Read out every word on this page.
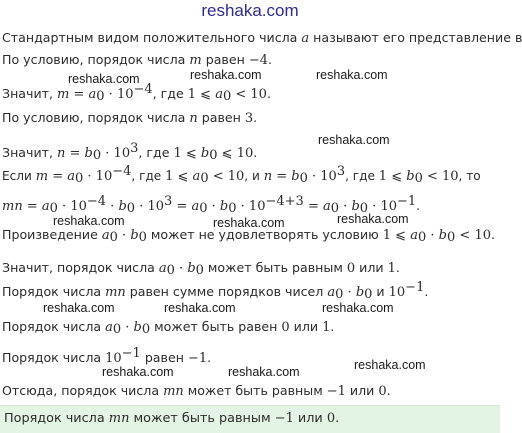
reshaka.com
Стандартным видом положительного числа a называют его представление в
По условию, порядок числа m равен −4.
Значит, $m = a_0 \cdot 10^{-4}$, где 1 ⩽ $a_0 < 10$.
По условию, порядок числа n равен 3.
Значит, $n = b_0 \cdot 10^3$, где 1 ⩽ $b_0$ ⩽ 10.
Если $m = a_0 \cdot 10^{-4}$, где 1 ⩽ $a_0 < 10$, и $n = b_0 \cdot 10^3$, где 1 ⩽ $b_0 < 10$, то
mn = $a_0 \cdot 10^{-4} \cdot b_0 \cdot 10^3 = a_0 \cdot b_0 \cdot 10^{-4+3} = a_0 \cdot b_0 \cdot 10^{-1}$.
Произведение $a_0 \cdot b_0$ может не удовлетворять условию 1 ⩽ $a_0 \cdot b_0 < 10$.
Значит, порядок числа $a_0 \cdot b_0$ может быть равным 0 или 1.
Порядок числа mn равен сумме порядков чисел $a_0 \cdot b_0$ и $10^{-1}$.
Порядок числа $a_0 \cdot b_0$ может быть равен 0 или 1.
Порядок числа $10^{-1}$ равен −1.
Отсюда, порядок числа mn может быть равным −1 или 0.
Порядок числа mn может быть равным −1 или 0.
reshaka.com	reshaka.com	reshaka.com
reshaka.com
reshaka.com	reshaka.com	reshaka.com
reshaka.com	reshaka.com	reshaka.com
reshaka.com	reshaka.com	reshaka.com
